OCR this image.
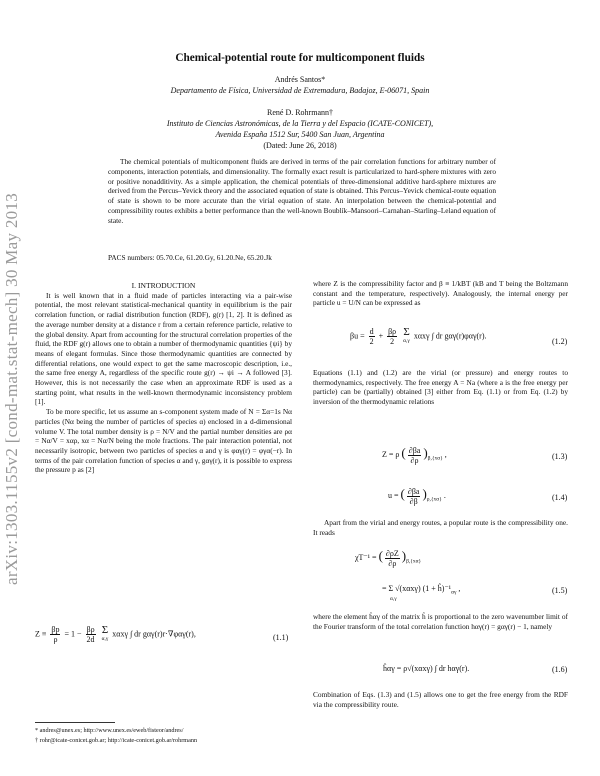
arXiv:1303.1155v2 [cond-mat.stat-mech] 30 May 2013
Chemical-potential route for multicomponent fluids
Andrés Santos*
Departamento de Física, Universidad de Extremadura, Badajoz, E-06071, Spain
René D. Rohrmann†
Instituto de Ciencias Astronómicas, de la Tierra y del Espacio (ICATE-CONICET),
Avenida España 1512 Sur, 5400 San Juan, Argentina
(Dated: June 26, 2018)
The chemical potentials of multicomponent fluids are derived in terms of the pair correlation functions for arbitrary number of components, interaction potentials, and dimensionality. The formally exact result is particularized to hard-sphere mixtures with zero or positive nonadditivity. As a simple application, the chemical potentials of three-dimensional additive hard-sphere mixtures are derived from the Percus–Yevick theory and the associated equation of state is obtained. This Percus–Yevick chemical-route equation of state is shown to be more accurate than the virial equation of state. An interpolation between the chemical-potential and compressibility routes exhibits a better performance than the well-known Boublík–Mansoori–Carnahan–Starling–Leland equation of state.
PACS numbers: 05.70.Ce, 61.20.Gy, 61.20.Ne, 65.20.Jk

I. INTRODUCTION

It is well known that in a fluid made of particles interacting via a pair-wise potential, the most relevant statistical-mechanical quantity in equilibrium is the pair correlation function, or radial distribution function (RDF), g(r) [1, 2]. It is defined as the average number density at a distance r from a certain reference particle, relative to the global density. Apart from accounting for the structural correlation properties of the fluid, the RDF g(r) allows one to obtain a number of thermodynamic quantities {ψi} by means of elegant formulas. Since those thermodynamic quantities are connected by differential relations, one would expect to get the same macroscopic description, i.e., the same free energy A, regardless of the specific route g(r) → ψi → A followed [3]. However, this is not necessarily the case when an approximate RDF is used as a starting point, what results in the well-known thermodynamic inconsistency problem [1].

To be more specific, let us assume an s-component system made of N = Σα=1s Nα particles (Nα being the number of particles of species α) enclosed in a d-dimensional volume V. The total number density is ρ = N/V and the partial number densities are ρα = Nα/V = xαρ, xα = Nα/N being the mole fractions. The pair interaction potential, not necessarily isotropic, between two particles of species α and γ is φαγ(r) = φγα(−r). In terms of the pair correlation function of species α and γ, gαγ(r), it is possible to express the pressure p as [2]

$Z \equiv \frac{\beta p}{\rho} = 1 - \frac{\beta\rho}{2d}$
Σ
α,γ
xαxγ ∫ dr gαγ(r)r·∇φαγ(r),	(1.1)
* andres@unex.es; http://www.unex.es/eweb/fisteor/andres/
† rohr@icate-conicet.gob.ar; http://icate-conicet.gob.ar/rohrmann

where Z is the compressibility factor and β ≡ 1/kBT (kB and T being the Boltzmann constant and the temperature, respectively). Analogously, the internal energy per particle u = U/N can be expressed as

$\beta u = \frac{d}{2} + \frac{\beta\rho}{2}$
Σ
α,γ
xαxγ ∫ dr gαγ(r)φαγ(r).
(1.2)

Equations (1.1) and (1.2) are the virial (or pressure) and energy routes to thermodynamics, respectively. The free energy A = Na (where a is the free energy per particle) can be (partially) obtained [3] either from Eq. (1.1) or from Eq. (1.2) by inversion of the thermodynamic relations

Z = ρ ( $\frac{\partial\beta a}{\partial\rho} )_{\beta,\{x\alpha\}}$ ,	(1.3)
u = ( $\frac{\partial\beta a}{\partial\beta} )_{\rho,\{x\alpha\}}$ .	(1.4)

Apart from the virial and energy routes, a popular route is the compressibility one. It reads

χT⁻¹ = ( $\frac{\partial\rho Z}{\partial\rho} )_{\beta,\{x\alpha\}}$
= Σ √(xαxγ) $(1 + ĥ)^{-1}_{\alpha\gamma}$ ,
α,γ
(1.5)

where the element ĥαγ of the matrix ĥ is proportional to the zero wavenumber limit of the Fourier transform of the total correlation function hαγ(r) = gαγ(r) − 1, namely

ĥαγ = ρ√(xαxγ) ∫ dr hαγ(r).	(1.6)

Combination of Eqs. (1.3) and (1.5) allows one to get the free energy from the RDF via the compressibility route.
